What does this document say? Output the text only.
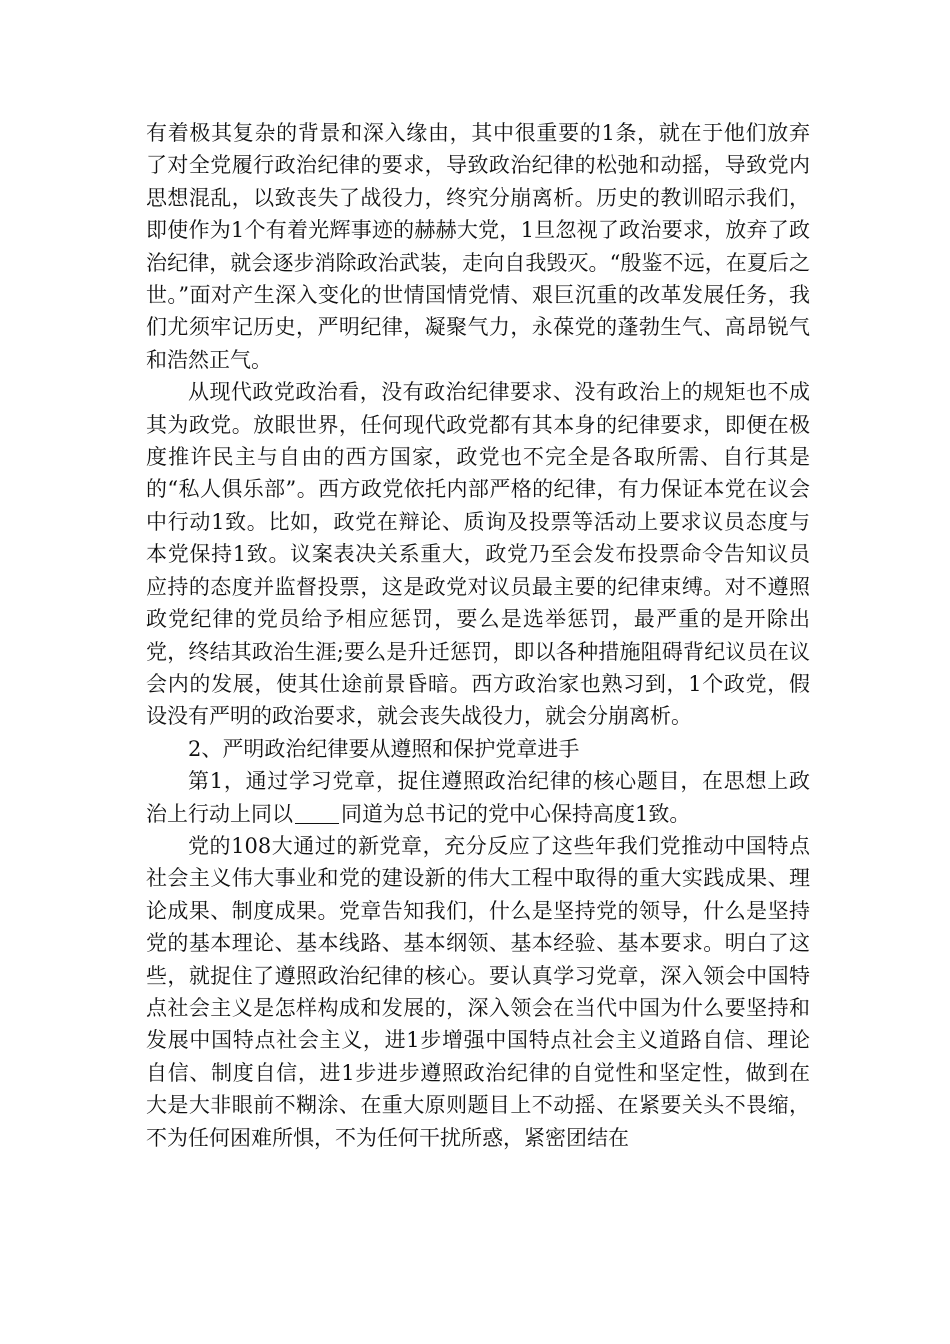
有着极其复杂的背景和深入缘由，其中很重要的1条，就在于他们放弃了对全党履行政治纪律的要求，导致政治纪律的松弛和动摇，导致党内思想混乱，以致丧失了战役力，终究分崩离析。历史的教训昭示我们，即使作为1个有着光辉事迹的赫赫大党，1旦忽视了政治要求，放弃了政治纪律，就会逐步消除政治武装，走向自我毁灭。“殷鉴不远，在夏后之世。”面对产生深入变化的世情国情党情、艰巨沉重的改革发展任务，我们尤须牢记历史，严明纪律，凝聚气力，永葆党的蓬勃生气、高昂锐气和浩然正气。

从现代政党政治看，没有政治纪律要求、没有政治上的规矩也不成其为政党。放眼世界，任何现代政党都有其本身的纪律要求，即便在极度推许民主与自由的西方国家，政党也不完全是各取所需、自行其是的“私人俱乐部”。西方政党依托内部严格的纪律，有力保证本党在议会中行动1致。比如，政党在辩论、质询及投票等活动上要求议员态度与本党保持1致。议案表决关系重大，政党乃至会发布投票命令告知议员应持的态度并监督投票，这是政党对议员最主要的纪律束缚。对不遵照政党纪律的党员给予相应惩罚，要么是选举惩罚，最严重的是开除出党，终结其政治生涯;要么是升迁惩罚，即以各种措施阻碍背纪议员在议会内的发展，使其仕途前景昏暗。西方政治家也熟习到，1个政党，假设没有严明的政治要求，就会丧失战役力，就会分崩离析。

2、严明政治纪律要从遵照和保护党章进手

第1，通过学习党章，捉住遵照政治纪律的核心题目，在思想上政治上行动上同以 同道为总书记的党中心保持高度1致。

党的108大通过的新党章，充分反应了这些年我们党推动中国特点社会主义伟大事业和党的建设新的伟大工程中取得的重大实践成果、理论成果、制度成果。党章告知我们，什么是坚持党的领导，什么是坚持党的基本理论、基本线路、基本纲领、基本经验、基本要求。明白了这些，就捉住了遵照政治纪律的核心。要认真学习党章，深入领会中国特点社会主义是怎样构成和发展的，深入领会在当代中国为什么要坚持和发展中国特点社会主义，进1步增强中国特点社会主义道路自信、理论自信、制度自信，进1步进步遵照政治纪律的自觉性和坚定性，做到在大是大非眼前不糊涂、在重大原则题目上不动摇、在紧要关头不畏缩，不为任何困难所惧，不为任何干扰所惑，紧密团结在
